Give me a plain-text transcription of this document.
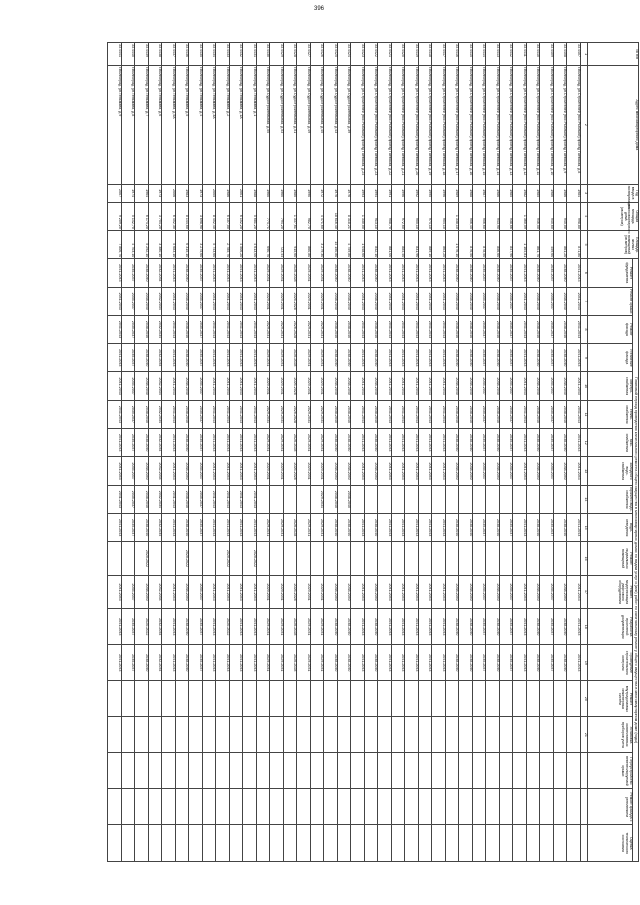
396
№ п/п	Адрес многоквартирного дома	Год ввода в эксплуатацию	Общая площадь многоквартирного дома (кв.метров)	Площадь жилых помещений (кв.метров)	Плановый период проведения капитального ремонта общего имущества в многоквартирных домах по видам услуг и (или) работ по капитальному ремонту общего имущества в многоквартирном доме (годы)																		
					Ремонт фундамента	Ремонт крыши	Ремонт фасада	Утепление фасада	электро-снабжения	тепло-снабжения	газо-снабжения	холодного водо-снабжения	горячего водо-снабжения	водо-отведения	Ремонт подвальных помещений	Ремонт, модернизация лифтового оборудования	Разработка проектной документации	Проведение строительного контроля	Ремонт внутридомовых инженерных систем	Установка коллективных приборов учета	Переустройство невентилируемой крыши	Ремонт фасада с утеплением	Оценка технического состояния
1	2	3	4	5	6	7	8	9	10	11	12	13	14	15	16	17	18	19	20	21			
33.4407	г.Волгоград, ул.Строителей (пос.Рыбачий) проезд Гаевская, д.8	1984	998,80	871,80	2041-2043	2041-2043	2041-2043	2041-2043	2041-2043	2041-2043	2041-2043	2041-2043		2041-2043		2041-2043	2041-2043	2041-2043					
33.4408	г.Волгоград, ул.Строителей (пос.Рыбачий) проезд Гаевская, д.9	1986	945,00	861,20	2038-2040	2038-2040	2038-2040	2038-2040	2038-2040	2038-2040	2038-2040	2038-2040		2038-2040		2038-2040	2038-2040	2038-2040					
33.4409	г.Волгоград, ул.Строителей (пос.Рыбачий) проезд Гаевская, д.10	1986	945,60	459,60	2035-2037	2035-2037	2035-2037	2035-2037	2035-2037	2035-2037	2035-2037	2035-2037		2035-2037		2035-2037	2035-2037	2035-2037					
33.4410	г.Волгоград, ул.Строителей (пос.Рыбачий) проезд Гаевская, д.11	1985	946,50	861,70	2038-2040	2038-2040	2038-2040	2038-2040	2038-2040	2038-2040	2038-2040	2038-2040		2038-2040		2038-2040	2038-2040	2038-2040					
33.4411	г.Волгоград, ул.Строителей (пос.Рыбачий) проезд Гаевская, д.12	1982	1 360,59	1 164,81	2041-2043	2041-2043	2041-2043	2041-2043	2041-2043	2041-2043	2041-2043	2041-2043		2041-2043		2041-2043	2041-2043	2041-2043					
33.4412	г.Волгоград, ул.Строителей (пос.Рыбачий) проезд Гаевская, д.13	1985	938,66	847,90	2035-2037	2035-2037	2035-2037	2035-2037	2035-2037	2035-2037	2035-2037	2035-2037		2035-2037		2035-2037	2035-2037	2035-2037					
33.4413	г.Волгоград, ул.Строителей (пос.Рыбачий) проезд Гаевская, д.14	1986	943,90	856,60	2038-2040	2038-2040	2038-2040	2038-2040	2038-2040	2038-2040	2038-2040	2038-2040		2038-2040		2038-2040	2038-2040	2038-2040					
33.4414	г.Волгоград, ул.Строителей (пос.Рыбачий) проезд Гаевская, д.15	1987	956,60	878,50	2035-2037	2035-2037	2035-2037	2035-2037	2035-2037	2035-2037	2035-2037	2035-2037		2035-2037		2035-2037	2035-2037	2035-2037					
33.4415	г.Волгоград, ул.Строителей (пос.Рыбачий) проезд Гаевская, д.16	1988	956,45	876,50	2038-2040	2038-2040	2038-2040	2038-2040	2038-2040	2038-2040	2038-2040	2038-2040		2038-2040		2038-2040	2038-2040	2038-2040					
33.4416	г.Волгоград, ул.Строителей (пос.Рыбачий) проезд Гаевская, д.17	1989	1 338,10	1 076,10	2038-2040	2038-2040	2038-2040	2038-2040	2038-2040	2038-2040	2038-2040	2038-2040		2038-2040		2038-2040	2038-2040	2038-2040					
33.4417	г.Волгоград, ул.Строителей (пос.Рыбачий) проезд Гаевская, д.18	1996	954,10	863,20	2041-2043	2041-2043	2041-2043	2041-2043	2041-2043	2041-2043	2041-2043	2041-2043		2041-2043		2041-2043	2041-2043	2041-2043					
33.4418	г.Волгоград, ул.Строителей (пос.Рыбачий) проезд Гаевская, д.19	1995	974,10	889,10	2041-2043	2041-2043	2041-2043	2041-2043	2041-2043	2041-2043	2041-2043	2041-2043		2041-2043		2041-2043	2041-2043	2041-2043					
33.4419	г.Волгоград, ул.Строителей (пос.Рыбачий) проезд Гаевская, д.20	1992	955,10	831,90	2041-2043	2041-2043	2041-2043	2041-2043	2041-2043	2041-2043	2041-2043	2041-2043		2041-2043		2041-2043	2041-2043	2041-2043					
33.4420	г.Волгоград, ул.Строителей (пос.Рыбачий) проезд Гаевская, д.21	1996	972,60	884,40	2041-2043	2041-2043	2041-2043	2041-2043	2041-2043	2041-2043	2041-2043	2041-2043		2041-2043		2041-2043	2041-2043	2041-2043					
33.4421	г.Волгоград, ул.Строителей (пос.Рыбачий) проезд Гаевская, д.22	1991	958,70	881,00	2041-2043	2041-2043	2041-2043	2041-2043	2041-2043	2041-2043	2041-2043	2041-2043		2041-2043		2041-2043	2041-2043	2041-2043					
33.4422	г.Волгоград, ул.Строителей (пос.Рыбачий) проезд Гаевская, д.23	1994	913,10	842,10	2038-2040	2038-2040	2038-2040	2038-2040	2038-2040	2038-2040	2038-2040	2038-2040		2038-2040		2038-2040	2038-2040	2038-2040					
33.4423	г.Волгоград, ул.Строителей (пос.Рыбачий) проезд Гаевская, д.24	1993	1 330,00	1 048,60	2041-2043	2041-2043	2041-2043	2041-2043	2041-2043	2041-2043	2041-2043	2041-2043		2041-2043		2041-2043	2041-2043	2041-2043					
33.4424	г.Волгоград, ул.Судостроительная, д.39	1976	8 318,21	4 759,80	2038-2040	2038-2040	2038-2040	2038-2040	2038-2040	2038-2040	2038-2040	2038-2040	2038-2040	2038-2040		2038-2040	2038-2040	2038-2040					
33.4425	г.Волгоград, ул.Судостроительная, д.43	1976	18 616,40	14 150,80	2038-2040	2038-2040	2038-2040	2038-2040	2038-2040	2038-2040	2038-2040	2038-2040	2038-2040	2038-2040		2038-2040	2038-2040	2038-2040					
33.4426	г.Волгоград, ул.Судостроительная, д.45	1972	4 471,60	3 279,30	2029-2031	2029-2031	2029-2031	2029-2031	2029-2031	2029-2031	2029-2031	2029-2031	2029-2031	2029-2031		2029-2031	2029-2031	2029-2031					
33.4427	г.Волгоград, ул.Судостроительная, д.49	1990	982,70	860,80	2029-2031	2029-2031	2029-2031	2029-2031	2029-2031	2029-2031	2029-2031	2029-2031		2029-2031		2029-2031	2029-2031	2029-2031					
33.4428	г.Волгоград, ул.Судостроительная, д.51	1980	1 337,61	915,60	2026-2028	2026-2028	2026-2028	2026-2028	2026-2028	2026-2028	2026-2028	2026-2028		2026-2028		2026-2028	2026-2028	2026-2028					
33.4429	г.Волгоград, ул.Судостроительная, д.53	1960	794,20	723,44	2029-2031	2029-2031	2029-2031	2029-2031	2029-2031	2029-2031	2029-2031	2029-2031		2029-2031		2029-2031	2029-2031	2029-2031					
33.4430	г.Волгоград, ул.Судостроительная, д.55	1960	774,71	690,70	2029-2031	2029-2031	2029-2031	2029-2031	2029-2031	2029-2031	2029-2031	2029-2031		2029-2031		2029-2031	2029-2031	2029-2031					
33.4431	г.Волгоград, ул.Тельмана, д.1	1988	5 681,20	4 613,00	2041-2043	2041-2043	2041-2043	2041-2043	2041-2043	2041-2043	2041-2043	2041-2043	2041-2043	2041-2043	2020-2022	2041-2043	2041-2043	2041-2043					
33.4432	г.Волгоград, ул.Тельмана, д.1А	2001	6 152,20	4 506,20	2041-2043	2041-2043	2041-2043	2041-2043	2041-2043	2041-2043	2041-2043	2041-2043	2041-2043	2041-2043		2041-2043	2041-2043	2041-2043					
33.4433	г.Волгоград, ул.Тельмана, д.2	1986	6 107,00	2 785,70	2041-2043	2041-2043	2041-2043	2041-2043	2041-2043	2041-2043	2041-2043	2041-2043	2041-2043	2041-2043	2020-2022	2041-2043	2020-2022	2041-2043					
33.4434	г.Волгоград, ул.Тельмана, д.3А	2005	8 452,40	5 743,60	2041-2043	2041-2043	2041-2043	2041-2043	2041-2043	2041-2043	2041-2043	2041-2043	2041-2043	2041-2043		2041-2043	2041-2043	2041-2043					
33.4435	г.Волгоград, ул.Тельмана, д.4	1973	3 698,90	3 275,60	2035-2037	2035-2037	2035-2037	2035-2037	2035-2037	2035-2037	2035-2037	2035-2037	2035-2037	2035-2037		2035-2037	2035-2037	2035-2037					
33.4436	г.Волгоград, ул.Тельмана, д.5	1983	8 144,60	6 315,10	2038-2040	2038-2040	2038-2040	2038-2040	2038-2040	2038-2040	2038-2040	2038-2040	2038-2040	2038-2040	2020-2022	2038-2040	2038-2040	2038-2040					
33.4437	г.Волгоград, ул.Тельмана, д.5А	2006	6 452,30	5 683,10	2041-2043	2041-2043	2041-2043	2041-2043	2041-2043	2041-2043	2041-2043	2041-2043	2041-2043	2041-2043		2041-2043	2041-2043	2041-2043					
33.4438	г.Волгоград, ул.Тельмана, д.6	1973	3 754,20	3 380,10	2032-2034	2032-2034	2032-2034	2032-2034	2032-2034	2032-2034	2032-2034	2032-2034	2032-2034	2032-2034		2032-2034	2032-2034	2032-2034					
33.4439	г.Волгоград, ул.Тельмана, д.7	1964	6 174,20	5 292,10	2038-2040	2038-2040	2038-2040	2038-2040	2038-2040	2038-2040	2038-2040	2038-2040	2038-2040	2038-2040	2020-2022	2038-2040	2020-2022	2038-2040					
33.4440	г.Волгоград, ул.Тельмана, д.8	1974	5 142,70	4 703,10	2035-2037	2035-2037	2035-2037	2035-2037	2035-2037	2035-2037	2035-2037	2035-2037	2035-2037	2035-2037		2035-2037	2035-2037	2035-2037					
33.4441	г.Волгоград, ул.Тельмана, д.9	2007	9 209,20	7 806,70	2041-2043	2041-2043	2041-2043	2041-2043	2041-2043	2041-2043	2041-2043	2041-2043	2041-2043	2041-2043		2041-2043	2041-2043	2041-2043					
